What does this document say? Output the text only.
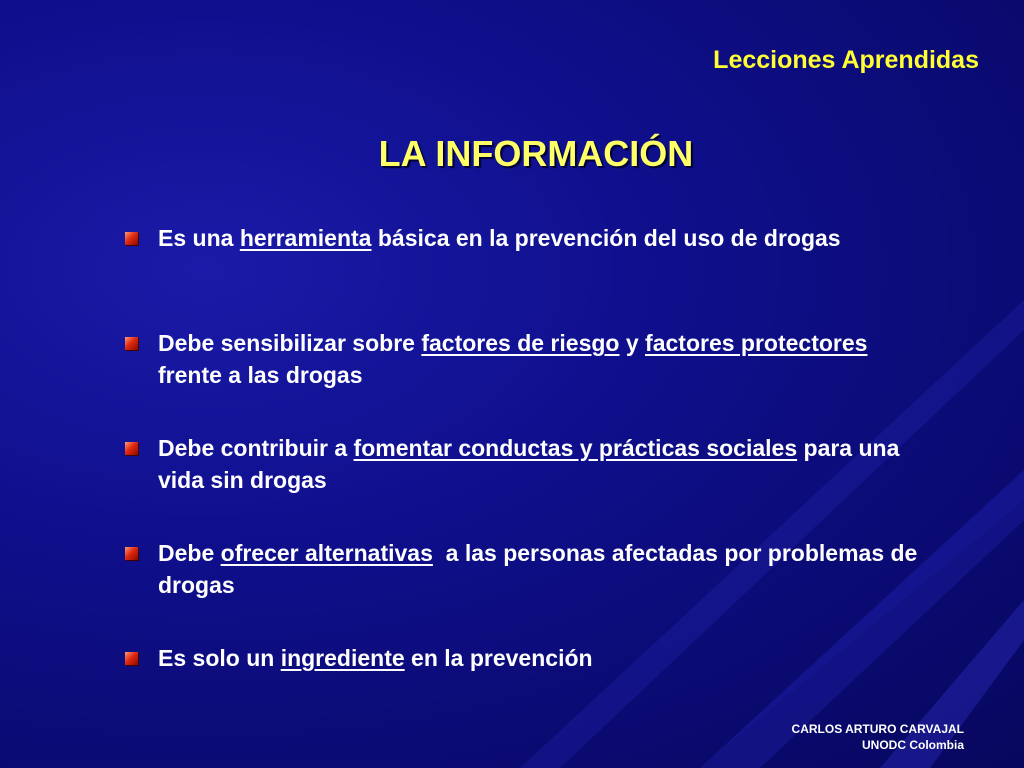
Lecciones Aprendidas
LA INFORMACIÓN
Es una herramienta básica en la prevención del uso de drogas
Debe sensibilizar sobre factores de riesgo y factores protectores frente a las drogas
Debe contribuir a fomentar conductas y prácticas sociales para una vida sin drogas
Debe ofrecer alternativas  a las personas afectadas por problemas de drogas
Es solo un ingrediente en la prevención
CARLOS ARTURO CARVAJAL
UNODC Colombia
